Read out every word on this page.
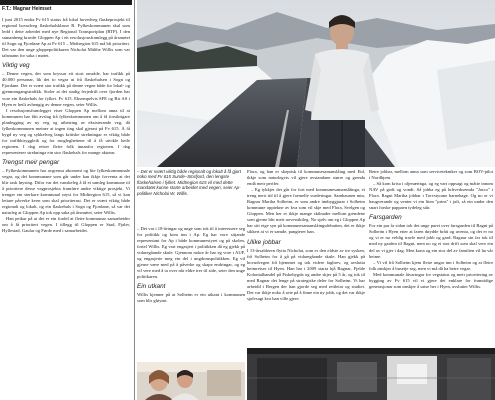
F.T.: Magnar Heimset

I juni 2015 endra Fv 615 status frå lokal hovedveg flaskeprosjekt til regional hovudveg flaskehalsklasse B. Fylkeskommunen skal som ledd i dette arbeidet med nye Regional Transportplan (RTP). I den samanheng kravde Gloppen Ap i eit resolusjonsframlegg på årsmøtet til Sogn og Fjordane Ap at Fv 615 – Midtregion 615 må bli prioritert. Det var den unge gloppepolitikaren Nicholai Mälthe Willis som var talsmann for saka i møtet.

Viktig veg

– Denne vegen, der som kryssar eit stort område, har trafikk på 40.000 personar, lik det to vegar ut frå flaskehalsen i Sogn og Fjordane. Det er svært stor trafikk på denne vegen både for lokal- og gjennomgangstrafikk. Stoler at det stadig ferjedrift over fjorden har vore ein flaskehals for fylket. Fv 615. Eksempelvis SFE og Bir AS i Hyen er heilt avhengig av denne vegen, seier Willis.

I resolusjonsframlegget viser Gloppen Ap mellom anna til at kommunen har fått avslag frå fylkeskommunen om å få forsiktigare planlegging av ny veg og utbetring av eksisterande veg, då fylkeskommunen meiner at ingen ting skal gjerast på Fv 615. Å få bygd ny veg og sykkelveg langs kritiske strekningar er viktig både for trafikktryggleik og for moglegheitene til å få utvikle heile regionen. I dag reiser fleire folk innanfor regionen. I dag representerer strekninga ein stor flaskehals for mange aktørar.

Trengst meir pengar

– Fylkeskommunen har avgrensa økonomi og lite fylkeskommunale vegar, og dei kommunane som går under kan ikkje forventa at det blir rask løysing. Difor var det vanskeleg å få ei samleg kommune til å prioritere desse vegprosjekta framføre andre viktige prosjekt. Vi trenger ein sterkare kommunal røyst for Midtregion 615, så vi kan lettare påverke kven som skal prioriterast. Det er svært viktig både regionalt og lokalt, og ein flaskehals i Sogn og Fjordane, så var det naturleg at Gloppen Ap tok opp saka på årsmøtet, seier Willis.

Han peikar på at det er ein fordel at fleire kommunar samarbeider om å få prioritert vegen. I tillegg til Gloppen er Stad, Fjaler, Hyllestad, Gaular og Førde med i samarbeidet.

– Det er svært viktig både regionalt og lokalt å få gjort noko med Fv 615 Sunde–Storfjord, den lengste flaskehalsen i fylket. Midtregion 615 vil med dette mandatet kunne starte arbeidet med vegen, seier Ap-politiker Nicholai W. Willis.

– Det var i 18-åringar og unge som tok til å interessere seg for politikk og kom inn i Ap. Eg har vore sitjande representant for Ap i både kommunestyret og på skolen, fortel Willis. Eg vart engasjert i politikken då eg gjekk på vidaregåande skule. Gjennom nokre år har eg vore i AUF, og engasjerte meg ein del i ungdomspolitikken. Eg vil gjerne være med på å påverke og skape endringar, og eg vil vere med å ta over når eldre trer til side, seier den unge politikaren.

Ein utkant

Willis kjenner på at Solheim er ein utkant i kommunen som blir gløymt.

Flora, og han er skeptisk til kommunesamanslåing med Eid, ikkje som naturlegvis vil gjere avstandane større og grenda endå meir perifer.

– Eg tykkjer det går for fort med kommunesamanslåinga, ei treng meir tid til å gjere formelle vurderingar. Sambaunen min, Ragnar Martha Solheim, er som andre innbyggjarar i Solheim kommune opptekne av kva som vil skje med Flora, Svelgen og Gloppen. Men her er ikkje mange skilnader mellom grendene som gjerne blir meir uoversiktleg. No sjølv om eg i Gloppen Ap har sitt eige syn på kommunesamanslåingsdebatten, det er ikkje sikkert at vi er samde, pangterer han.

Ulike jobbar

I 13-årsalderen flytta Nicholai, som er den eldste av tre sysken, frå Solheim for å gå på vidaregåande skule. Han gjekk på hovudvegen frå hjemmet og tok videre fagbrev, og avslutta heimreiser til Hyen. Han har i 2009 starta hjå Ragnar, Fjelde Kolonialhandel på Fiskebygda og andre skjer på 5 år, og tok til med Ragnar det lenge på strategiske deler for Solheim. Vi har arbeidd i Bergen der han gjorde seg med rettleiar og studiet. Det var ikkje noko å seie på å finne ein ny jobb, og det var ikkje sjølvsagt kva han ville gjere.

Betre jobbar, mellom anna som servicetekniker og som BOV-pilot i Nordhjem.

– Så kom krisa i oljenæringa, og eg vart oppsagt og måtte innom NAV på godt og vondt. Så jobba eg på luftverksemda "Jasco" i Flora. Ragni Martha jobbar i Torvstyrane barnehage. Og no er vi haugverande og venter vi ein liten "prins" i juli, så ein under den snart forske pappaen tydeleg står.

Farsgarden

For ein par år sidan tok det unge paret over farsgarden til Ragni på Solheim i Hyen etter at faren døydde brått og uventa, og det er no og vi er no veldig travle med jobb og gard. Ragnar sin far tok til med ny garden til Ragni, men no og ei stor drift som skal vere ein del av vi gjer i dag. Men kona og ein stor del av familien vil ha vår heime.

– Vi vil frå Solheim kjem fleire ungar inn i Solheim og at fleire folk ønskjer å busetje seg, men vi må då ha betre vegar.

Med kommunale åtvaringar for vegstatus og meir prioritering av bygging av Fv 615 vil vi gjere det enklare for framtidige generasjonar som ønskjer å satse her i Hyen, avslutter Willis.
